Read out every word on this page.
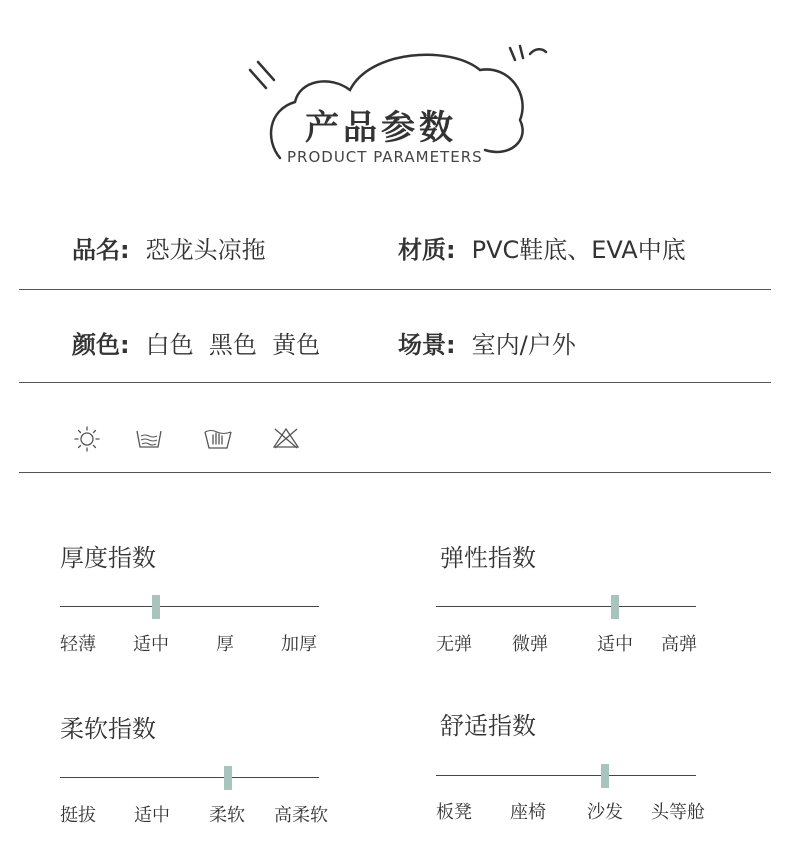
产品参数
PRODUCT PARAMETERS
品名: 恐龙头凉拖	材质: PVC鞋底、EVA中底
颜色: 白色  黑色  黄色	场景: 室内/户外
厚度指数
轻薄 适中	厚	加厚
弹性指数
无弹 微弹	适中 高弹
柔软指数
挺拔 适中 柔软 高柔软
舒适指数
板凳 座椅 沙发 头等舱
